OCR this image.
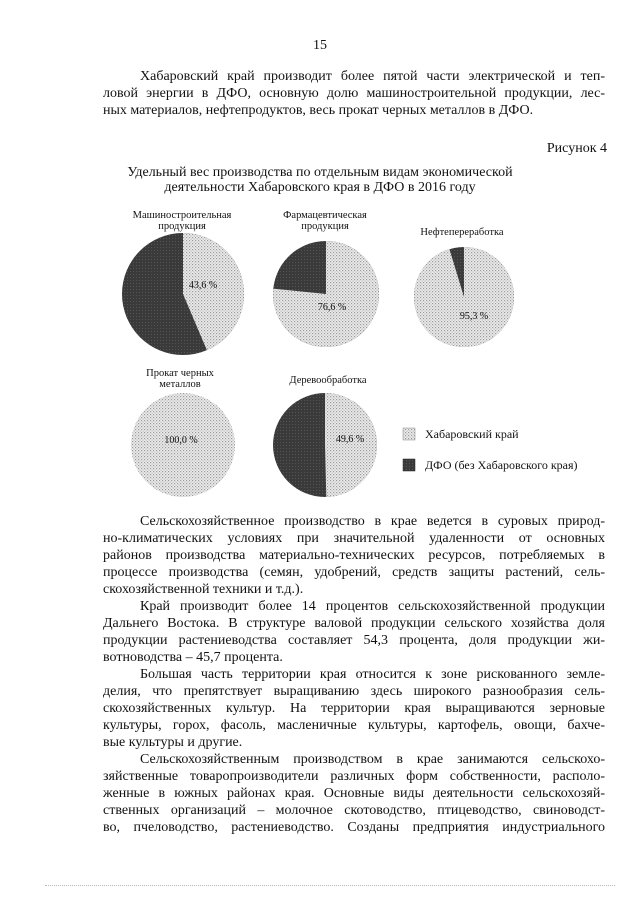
15

Хабаровский край производит более пятой части электрической и теп-
ловой энергии в ДФО, основную долю машиностроительной продукции, лес-
ных материалов, нефтепродуктов, весь прокат черных металлов в ДФО.

Рисунок 4
Удельный вес производства по отдельным видам экономической
деятельности Хабаровского края в ДФО в 2016 году
Машиностроительная
продукция
Фармацевтическая
продукция
Нефтепереработка
Прокат черных
металлов	Деревообработка
43,6 %
76,6 %
95,3 %
100,0 %	49,6 %	Хабаровский край
ДФО (без Хабаровского края)

Сельскохозяйственное производство в крае ведется в суровых природ-
но-климатических условиях при значительной удаленности от основных
районов производства материально-технических ресурсов, потребляемых в
процессе производства (семян, удобрений, средств защиты растений, сель-
скохозяйственной техники и т.д.).

Край производит более 14 процентов сельскохозяйственной продукции
Дальнего Востока. В структуре валовой продукции сельского хозяйства доля
продукции растениеводства составляет 54,3 процента, доля продукции жи-
вотноводства – 45,7 процента.

Большая часть территории края относится к зоне рискованного земле-
делия, что препятствует выращиванию здесь широкого разнообразия сель-
скохозяйственных культур. На территории края выращиваются зерновые
культуры, горох, фасоль, масленичные культуры, картофель, овощи, бахче-
вые культуры и другие.

Сельскохозяйственным производством в крае занимаются сельскохо-
зяйственные товаропроизводители различных форм собственности, располо-
женные в южных районах края. Основные виды деятельности сельскохозяй-
ственных организаций – молочное скотоводство, птицеводство, свиноводст-
во, пчеловодство, растениеводство. Созданы предприятия индустриального
